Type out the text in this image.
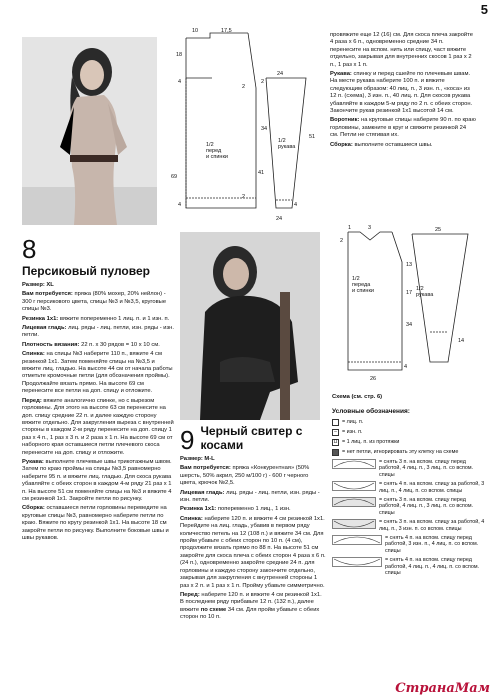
5
10	17,5
18
24
2
34
51
4
1/2
перед
и спинки
4
69
41
1/2
рукава
2
2
24
4
8
Персиковый пуловер
Размер: XL
Вам потребуется: пряжа (80% мохер, 20% нейлон) - 300 г персикового цвета, спицы №3 и №3,5, круговые спицы №3.
Резинка 1х1: вяжите попеременно 1 лиц. п. и 1 изн. п.
Лицевая гладь: лиц. ряды - лиц. петли, изн. ряды - изн. петли.
Плотность вязания: 22 п. х 30 рядов = 10 х 10 см.
Спинка: на спицы №3 наберите 110 п., вяжите 4 см резинкой 1х1. Затем поменяйте спицы на №3,5 и вяжите лиц. гладью. На высоте 44 см от начала работы отметьте кромочные петли (для обозначения проймы). Продолжайте вязать прямо. На высоте 69 см перенесите все петли на доп. спицу и отложите.
Перед: вяжите аналогично спинке, но с вырезом горловины. Для этого на высоте 63 см перенесите на доп. спицу средние 22 п. и далее каждую сторону вяжите отдельно. Для закругления выреза с внутренней стороны в каждом 2-м ряду перенесите на доп. спицу 1 раз х 4 п., 1 раз х 3 п. и 2 раза х 1 п. На высоте 69 см от наборного края оставшиеся петли плечевого скоса перенесите на доп. спицу и отложите.
Рукава: выполните плечевые швы трикотажным швом. Затем по краю проймы на спицы №3,5 равномерно наберите 95 п. и вяжите лиц. гладью. Для скоса рукава убавляйте с обеих сторон в каждом 4-м ряду 21 раз х 1 п. На высоте 51 см поменяйте спицы на №3 и вяжите 4 см резинкой 1х1. Закройте петли по рисунку.
Сборка: оставшиеся петли горловины переведите на круговые спицы №3, равномерно наберите петли по краю. Вяжите по кругу резинкой 1х1. На высоте 18 см закройте петли по рисунку. Выполните боковые швы и швы рукавов.
9 Черный свитер с косами
Размер: M-L
Вам потребуется: пряжа «Конкурентная» (50% шерсть, 50% акрил, 250 м/100 г) - 600 г черного цвета, крючок №2,5.
Лицевая гладь: лиц. ряды - лиц. петли, изн. ряды - изн. петли.
Резинка 1х1: попеременно 1 лиц., 1 изн.
Спинка: наберите 120 п. и вяжите 4 см резинкой 1х1. Перейдите на лиц. гладь, убавив в первом ряду количество петель на 12 (108 п.) и вяжите 34 см. Для пройм убавьте с обеих сторон по 10 п. (4 см), продолжите вязать прямо по 88 п. На высоте 51 см закройте для скоса плеча с обеих сторон 4 раза х 6 п. (24 п.), одновременно закройте средние 24 п. для горловины и каждую сторону закончите отдельно, закрывая для закругления с внутренней стороны 1 раз х 2 п. и 1 раз х 1 п. Пройму убавьте симметрично.
Перед: наберите 120 п. и вяжите 4 см резинкой 1х1. В последнем ряду прибавьте 12 п. (132 п.), далее вяжите по схеме 34 см. Для пройм убавьте с обеих сторон по 10 п.
провяжите еще 12 (16) см. Для скоса плеча закройте 4 раза х 6 п., одновременно средние 34 п. перенесите на вспом. нить или спицу, част вяжите отдельно, закрывая для внутренних скосов 1 раз х 2 п., 1 раз х 1 п.
Рукава: спинку и перед сшейте по плечевым швам. На месте рукава наберите 100 п. и вяжите следующим образом: 40 лиц. п., 3 изн. п., «коса» из 12 п. (схема), 3 изн. п., 40 лиц. п. Для скосов рукава убавляйте в каждом 5-м ряду по 2 п. с обеих сторон. Закончите рукав резинкой 1х1 высотой 14 см.
Воротник: на круговые спицы наберите 90 п. по краю горловины, замкните в круг и свяжите резинкой 24 см. Петли не стягивая их.
Сборка: выполните оставшиеся швы.
1	3	25
2
1/2
переда
и спинки
13
17
34
1/2
рукава
14
26
4
Схема (см. стр. 6)
Условные обозначения:
= лиц. п.
– = изн. п.
Ω = 1 лиц. п. из протяжки
= нет петли, игнорировать эту клетку на схеме
= снять 3 п. на вспом. спицу перед работой, 4 лиц. п., 3 лиц. п. со вспом. спицы
= снять 4 п. на вспом. спицу за работой, 3 лиц. п., 4 лиц. п. со вспом. спицы
= снять 3 п. на вспом. спицу перед работой, 4 лиц. п., 3 лиц. п. со вспом. спицы
= снять 3 п. на вспом. спицу за работой, 4 лиц. п., 3 изн. п. со вспом. спицы
= снять 4 п. на вспом. спицу перед работой, 3 изн. п., 4 лиц. п. со вспом. спицы
= снять 4 п. на вспом. спицу перед работой, 4 лиц. п., 4 лиц. п. со вспом. спицы
СтранаМам
